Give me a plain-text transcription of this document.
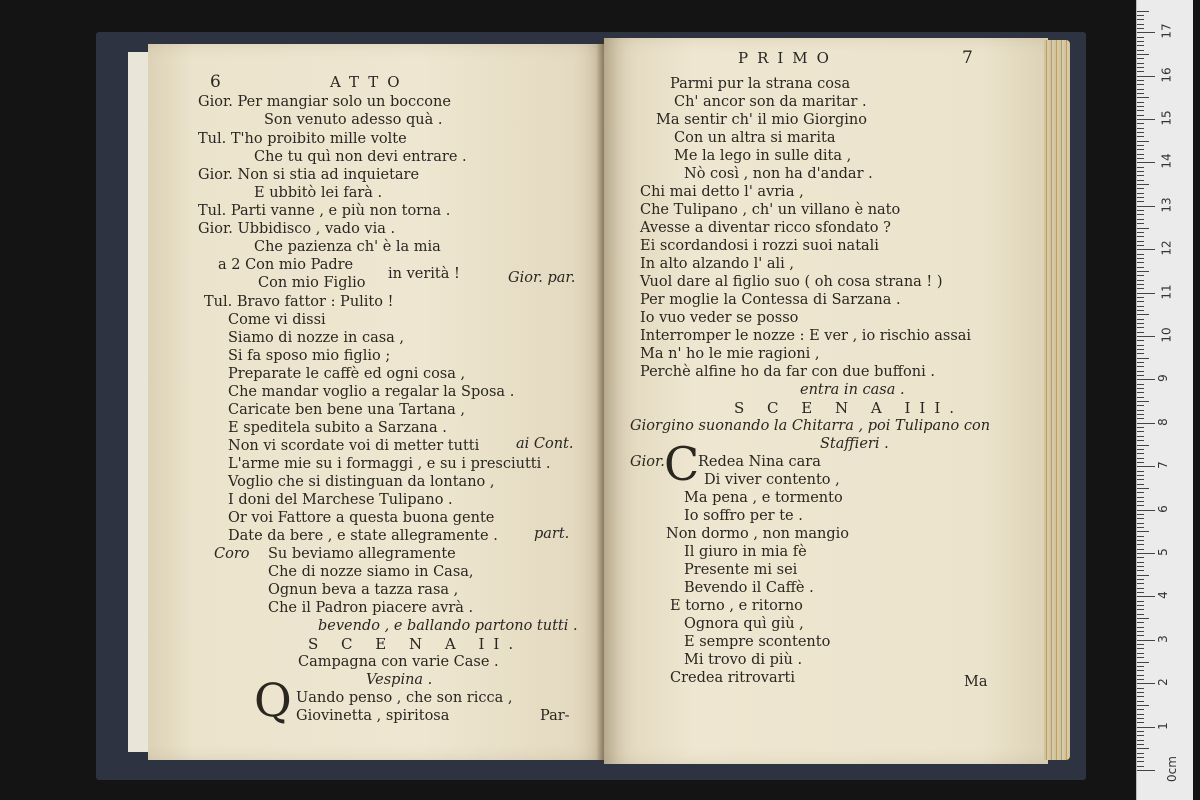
6	ATTO
Q
Gior. Per mangiar solo un boccone
Son venuto adesso quà .
Tul. T'ho proibito mille volte
Che tu quì non devi entrare .
Gior. Non si stia ad inquietare
E ubbitò lei farà .
Tul. Parti vanne , e più non torna .
Gior. Ubbidisco , vado via .
Che pazienza ch' è la mia
a 2 Con mio Padre
Con mio Figlio
in verità !	Gior. par.
Tul. Bravo fattor : Pulito !
Come vi dissi
Siamo di nozze in casa ,
Si fa sposo mio figlio ;
Preparate le caffè ed ogni cosa ,
Che mandar voglio a regalar la Sposa .
Caricate ben bene una Tartana ,
E speditela subito a Sarzana .
Non vi scordate voi di metter tutti	ai Cont.
L'arme mie su i formaggi , e su i presciutti .
Voglio che si distinguan da lontano ,
I doni del Marchese Tulipano .
Or voi Fattore a questa buona gente
Date da bere , e state allegramente . part.
Coro Su beviamo allegramente
Che di nozze siamo in Casa,
Ognun beva a tazza rasa ,
Che il Padron piacere avrà .
bevendo , e ballando partono tutti .
S C E N A II.
Campagna con varie Case .
Vespina .
Uando penso , che son ricca ,
Giovinetta , spiritosa	Par-
PRIMO	7
C
Parmi pur la strana cosa
Ch' ancor son da maritar .
Ma sentir ch' il mio Giorgino
Con un altra si marita
Me la lego in sulle dita ,
Nò così , non ha d'andar .
Chi mai detto l' avria ,
Che Tulipano , ch' un villano è nato
Avesse a diventar ricco sfondato ?
Ei scordandosi i rozzi suoi natali
In alto alzando l' ali ,
Vuol dare al figlio suo ( oh cosa strana ! )
Per moglie la Contessa di Sarzana .
Io vuo veder se posso
Interromper le nozze : E ver , io rischio assai
Ma n' ho le mie ragioni ,
Perchè alfine ho da far con due buffoni .
entra in casa .
S C E N A III.
Giorgino suonando la Chitarra , poi Tulipano con
Staffieri .
Gior. Redea Nina cara
Di viver contento ,
Ma pena , e tormento
Io soffro per te .
Non dormo , non mangio
Il giuro in mia fè
Presente mi sei
Bevendo il Caffè .
E torno , e ritorno
Ognora quì giù ,
E sempre scontento
Mi trovo di più .
Credea ritrovarti	Ma
0cm
1
2
3
4
5
6
7
8
9
10
11
12
13
14
15
16
17
